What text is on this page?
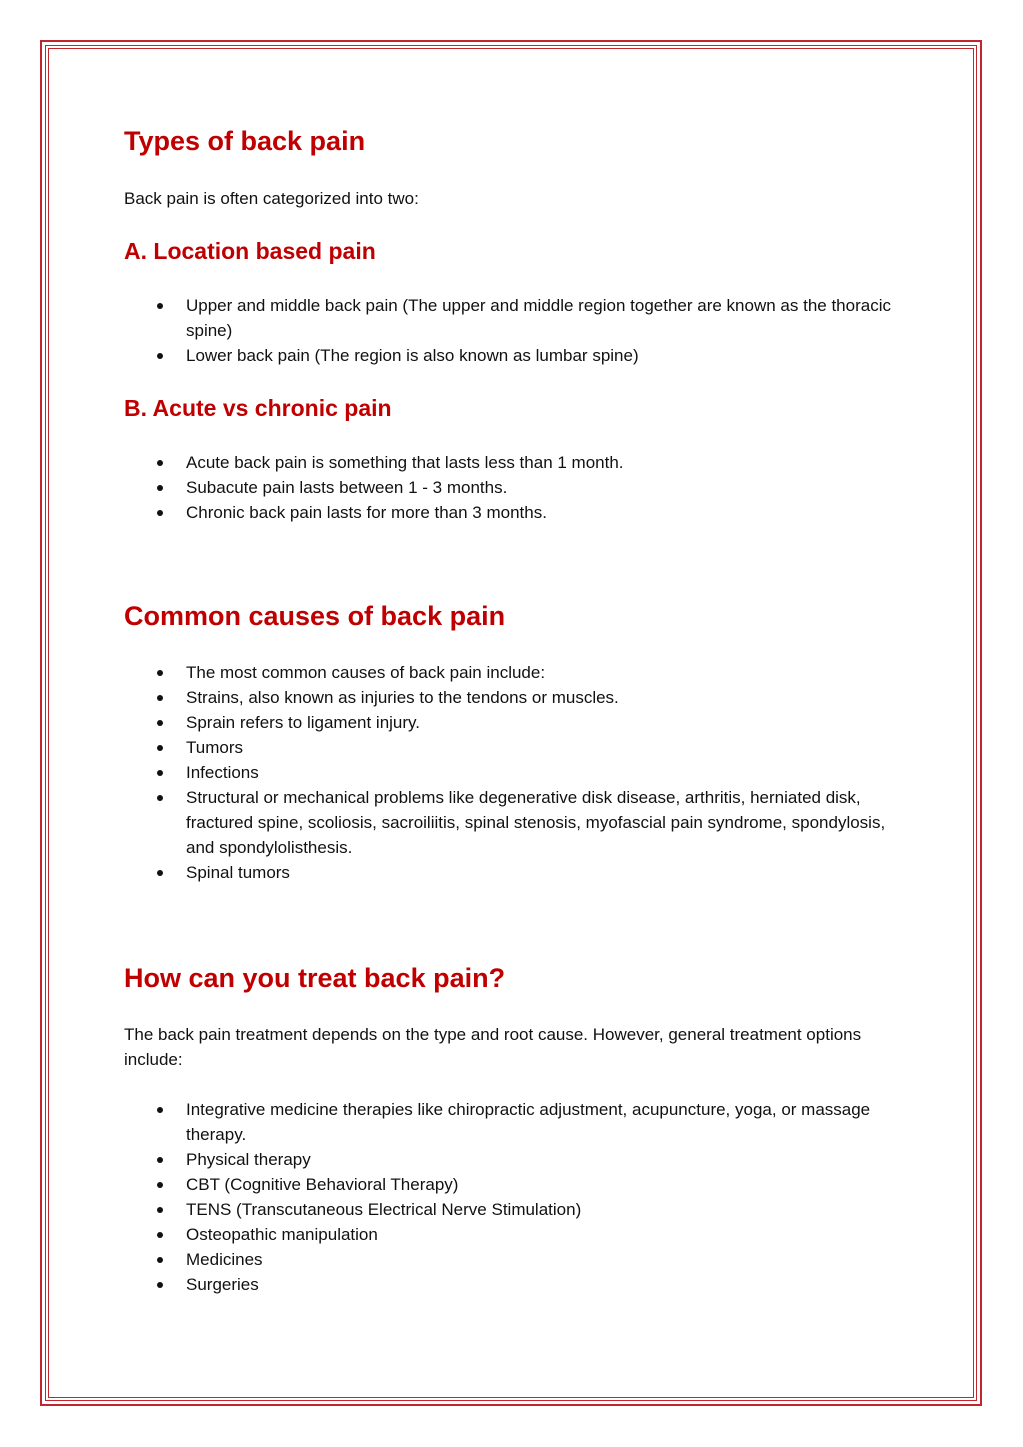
Types of back pain

Back pain is often categorized into two:

A. Location based pain
Upper and middle back pain (The upper and middle region together are known as the thoracic spine)
Lower back pain (The region is also known as lumbar spine)
B. Acute vs chronic pain
Acute back pain is something that lasts less than 1 month.
Subacute pain lasts between 1 - 3 months.
Chronic back pain lasts for more than 3 months.
Common causes of back pain
The most common causes of back pain include:
Strains, also known as injuries to the tendons or muscles.
Sprain refers to ligament injury.
Tumors
Infections
Structural or mechanical problems like degenerative disk disease, arthritis, herniated disk, fractured spine, scoliosis, sacroiliitis, spinal stenosis, myofascial pain syndrome, spondylosis, and spondylolisthesis.
Spinal tumors
How can you treat back pain?

The back pain treatment depends on the type and root cause. However, general treatment options include:

Integrative medicine therapies like chiropractic adjustment, acupuncture, yoga, or massage therapy.
Physical therapy
CBT (Cognitive Behavioral Therapy)
TENS (Transcutaneous Electrical Nerve Stimulation)
Osteopathic manipulation
Medicines
Surgeries
